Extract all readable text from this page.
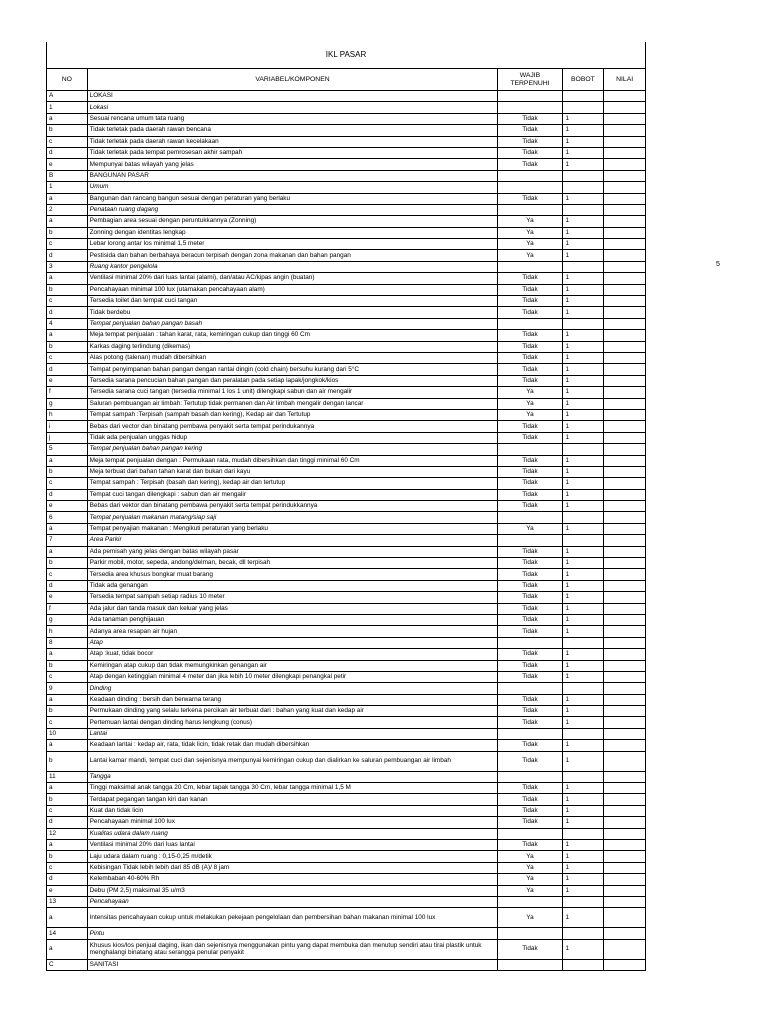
IKL PASAR
NO	VARIABEL/KOMPONEN	WAJIB TERPENUHI	BOBOT	NILAI
A	LOKASI			
1	Lokasi			
a	Sesuai rencana umum tata ruang	Tidak	1	
b	Tidak terletak pada daerah rawan bencana	Tidak	1	
c	Tidak terletak pada daerah rawan kecelakaan	Tidak	1	
d	Tidak terletak pada tempat pemrosesan akhir sampah	Tidak	1	
e	Mempunyai batas wilayah yang jelas	Tidak	1	
B	BANGUNAN PASAR			
1	Umum			
a	Bangunan dan rancang bangun sesuai dengan peraturan yang berlaku	Tidak	1	
2	Penataan ruang dagang			
a	Pembagian area sesuai dengan peruntukkannya (Zonning)	Ya	1	
b	Zonning dengan identitas lengkap	Ya	1	
c	Lebar lorong antar los minimal 1,5 meter	Ya	1	
d	Pestisida dan bahan berbahaya beracun terpisah dengan zona makanan dan bahan pangan	Ya	1	
3	Ruang kantor pengelola			
a	Ventilasi minimal 20% dari luas lantai (alami), dan/atau AC/kipas angin (buatan)	Tidak	1	
b	Pencahayaan minimal 100 lux (utamakan pencahayaan alam)	Tidak	1	
c	Tersedia toilet dan tempat cuci tangan	Tidak	1	
d	Tidak berdebu	Tidak	1	
4	Tempat penjualan bahan pangan basah			
a	Meja tempat penjualan : tahan karat, rata, kemiringan cukup dan tinggi 60 Cm	Tidak	1	
b	Karkas daging terlindung (dikemas)	Tidak	1	
c	Alas potong (talenan) mudah dibersihkan	Tidak	1	
d	Tempat penyimpanan bahan pangan dengan rantai dingin (cold chain) bersuhu kurang dari 5°C	Tidak	1	
e	Tersedia sarana pencucian bahan pangan dan peralatan pada setiap lapak/jongkok/kios	Tidak	1	
f	Tersedia sarana cuci tangan (tersedia minimal 1 los 1 unit) dilengkapi sabun dan air mengalir	Ya	1	
g	Saluran pembuangan air limbah: Tertutup tidak permanen dan Air limbah mengalir dengan lancar	Ya	1	
h	Tempat sampah :Terpisah (sampah basah dan kering), Kedap air dan Tertutup	Ya	1	
i	Bebas dari vector dan binatang pembawa penyakit serta tempat perindukannya	Tidak	1	
j	Tidak ada penjualan unggas hidup	Tidak	1	
5	Tempat penjualan bahan pangan kering			
a	Meja tempat penjualan dengan : Permukaan rata, mudah dibersihkan dan tinggi minimal 60 Cm	Tidak	1	
b	Meja terbuat dari bahan tahan karat dan bukan dari kayu	Tidak	1	
c	Tempat sampah : Terpisah (basah dan kering), kedap air dan tertutup	Tidak	1	
d	Tempat cuci tangan dilengkapi : sabun dan air mengalir	Tidak	1	
e	Bebas dari vektor dan binatang pembawa penyakit serta tempat perindukkannya	Tidak	1	
6	Tempat penjualan makanan matang/siap saji			
a	Tempat penyajian makanan : Mengikuti peraturan yang berlaku	Ya	1	
7	Area Parkir			
a	Ada pemisah yang jelas dengan batas wilayah pasar	Tidak	1	
b	Parkir mobil, motor, sepeda, andong/delman, becak, dll terpisah	Tidak	1	
c	Tersedia area khusus bongkar muat barang	Tidak	1	
d	Tidak ada genangan	Tidak	1	
e	Tersedia tempat sampah setiap radius 10 meter	Tidak	1	
f	Ada jalur dan tanda masuk dan keluar yang jelas	Tidak	1	
g	Ada tanaman penghijauan	Tidak	1	
h	Adanya area resapan air hujan	Tidak	1	
8	Atap			
a	Atap :kuat, tidak bocor	Tidak	1	
b	Kemiringan atap cukup dan tidak memungkinkan genangan air	Tidak	1	
c	Atap dengan ketinggian minimal 4 meter dan jika lebih 10 meter dilengkapi penangkal petir	Tidak	1	
9	Dinding			
a	Keadaan dinding : bersih dan berwarna terang	Tidak	1	
b	Permukaan dinding yang selalu terkena percikan air terbuat dari : bahan yang kuat dan kedap air	Tidak	1	
c	Pertemuan lantai dengan dinding harus lengkung (conus)	Tidak	1	
10	Lantai			
a	Keadaan lantai : kedap air, rata, tidak licin, tidak retak dan mudah dibersihkan	Tidak	1	
b	Lantai kamar mandi, tempat cuci dan sejenisnya mempunyai kemiringan cukup dan dialirkan ke saluran pembuangan air limbah	Tidak	1	
11	Tangga			
a	Tinggi maksimal anak tangga 20 Cm, lebar tapak tangga 30 Cm, lebar tangga minimal 1,5 M	Tidak	1	
b	Terdapat pegangan tangan kiri dan kanan	Tidak	1	
c	Kuat dan tidak licin	Tidak	1	
d	Pencahayaan minimal 100 lux	Tidak	1	
12	Kualitas udara dalam ruang			
a	Ventilasi minimal 20% dari luas lantai	Tidak	1	
b	Laju udara dalam ruang : 0,15-0,25 m/detik	Ya	1	
c	Kebisingan Tidak lebih lebih dari 85 dB (A)/ 8 jam	Ya	1	
d	Kelembaban 40-60% Rh	Ya	1	
e	Debu (PM 2,5) maksimal 35 u/m3	Ya	1	
13	Pencahayaan			
a	Intensitas pencahayaan cukup untuk melakukan pekejaan pengelolaan dan pembersihan bahan makanan minimal 100 lux	Ya	1	
14	Pintu			
a	Khusus kios/los penjual daging, ikan dan sejenisnya menggunakan pintu yang dapat membuka dan menutup sendiri atau tirai plastik untuk menghalangi binatang atau serangga penular penyakit	Tidak	1	
C	SANITASI			
5
